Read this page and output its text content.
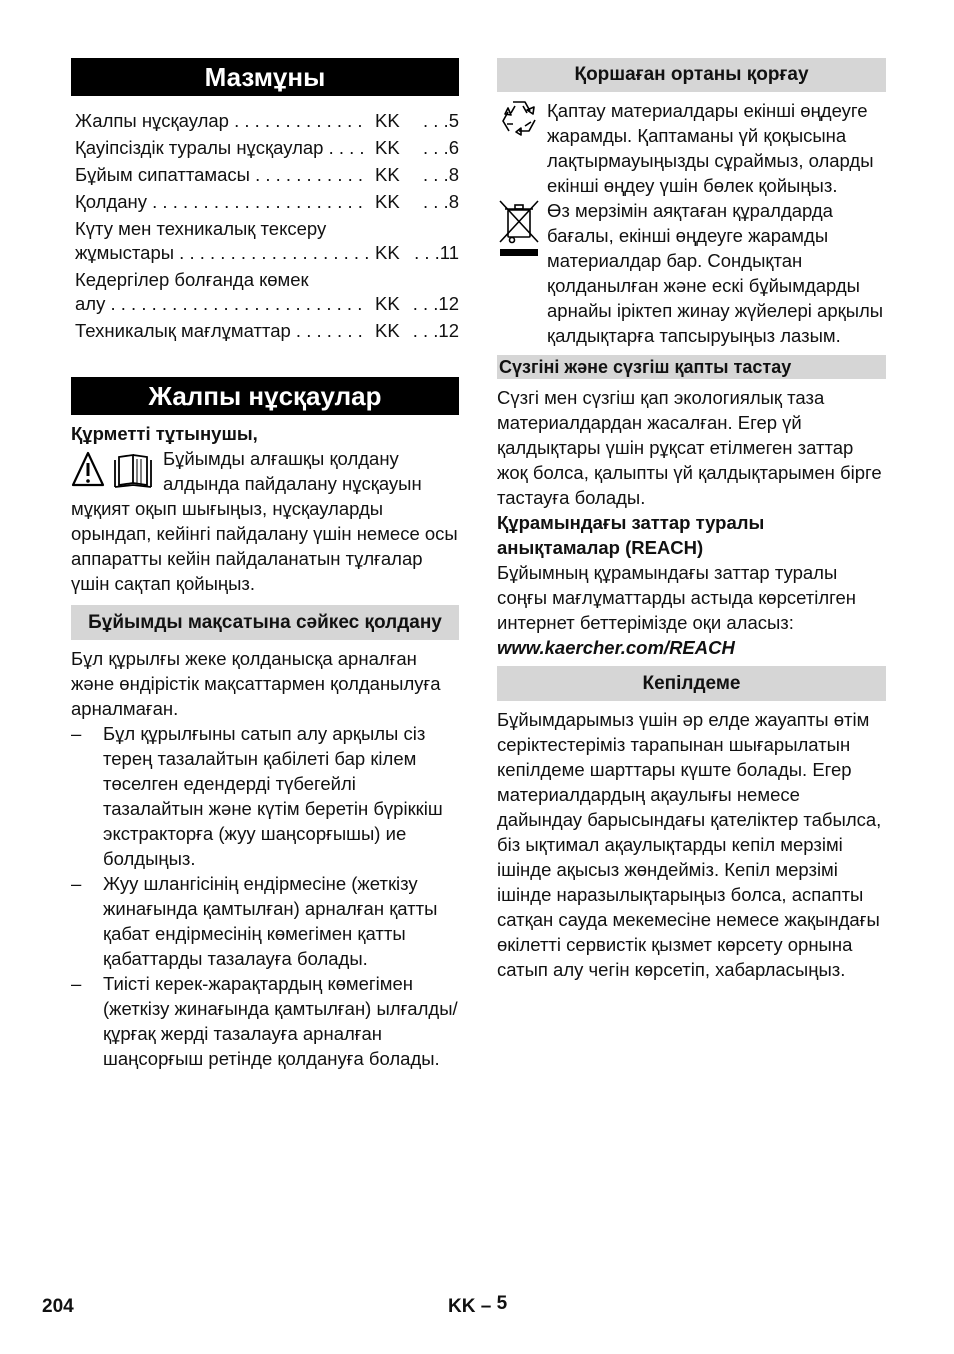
Мазмұны
Жалпы нұсқаулар . . .	KK	. . . 5
Қауіпсіздік туралы нұсқаулар . . .	KK	. . . 6
Бұйым сипаттамасы . . .	KK	. . . 8
Қолдану . . .	KK	. . . 8
Күту мен техникалық тексеру
жұмыстары . . .	KK	. . . 11
Кедергілер болғанда көмек
алу . . .	KK	. . . 12
Техникалық мағлұматтар . . .	KK	. . . 12
Жалпы нұсқаулар

Құрметті тұтынушы,

Бұйымды алғашқы қолдану алдында пайдалану нұсқауын

мұқият оқып шығыңыз, нұсқауларды орындап, кейінгі пайдалану үшін немесе осы аппаратты кейін пайдаланатын тұлғалар үшін сақтап қойыңыз.

Бұйымды мақсатына сәйкес қолдану

Бұл құрылғы жеке қолданысқа арналған және өндірістік мақсаттармен қолданылуға арналмаған.

– Бұл құрылғыны сатып алу арқылы сіз терең тазалайтын қабілеті бар кілем төселген едендерді түбегейлі тазалайтын және күтім беретін бүріккіш экстракторға (жуу шаңсорғышы) ие болдыңыз.
– Жуу шлангісінің ендірмесіне (жеткізу жинағында қамтылған) арналған қатты қабат ендірмесінің көмегімен қатты қабаттарды тазалауға болады.
– Тиісті керек-жарақтардың көмегімен (жеткізу жинағында қамтылған) ылғалды/құрғақ жерді тазалауға арналған шаңсорғыш ретінде қолдануға болады.
Қоршаған ортаны қорғау

Қаптау материалдары екінші өңдеуге жарамды. Қаптаманы үй қоқысына лақтырмауыңызды сұраймыз, оларды екінші өңдеу үшін бөлек қойыңыз.

Өз мерзімін аяқтаған құралдарда бағалы, екінші өңдеуге жарамды материалдар бар. Сондықтан қолданылған және ескі бұйымдарды арнайы іріктеп жинау жүйелері арқылы қалдықтарға тапсыруыңыз лазым.

Сүзгіні және сүзгіш қапты тастау

Сүзгі мен сүзгіш қап экологиялық таза материалдардан жасалған. Егер үй қалдықтары үшін рұқсат етілмеген заттар жоқ болса, қалыпты үй қалдықтарымен бірге тастауға болады.

Құрамындағы заттар туралы анықтамалар (REACH)

Бұйымның құрамындағы заттар туралы соңғы мағлұматтарды астыда көрсетілген интернет беттерімізде оқи аласыз:

www.kaercher.com/REACH

Кепілдеме

Бұйымдарымыз үшін әр елде жауапты өтім серіктестеріміз тарапынан шығарылатын кепілдеме шарттары күште болады. Егер материалдардың ақаулығы немесе дайындау барысындағы қателіктер табылса, біз ықтимал ақаулықтарды кепіл мерзімі ішінде ақысыз жөндейміз. Кепіл мерзімі ішінде наразылықтарыңыз болса, аспапты сатқан сауда мекемесіне немесе жақындағы өкілетті сервистік қызмет көрсету орнына сатып алу чегін көрсетіп, хабарласыңыз.

204	KK – 5
